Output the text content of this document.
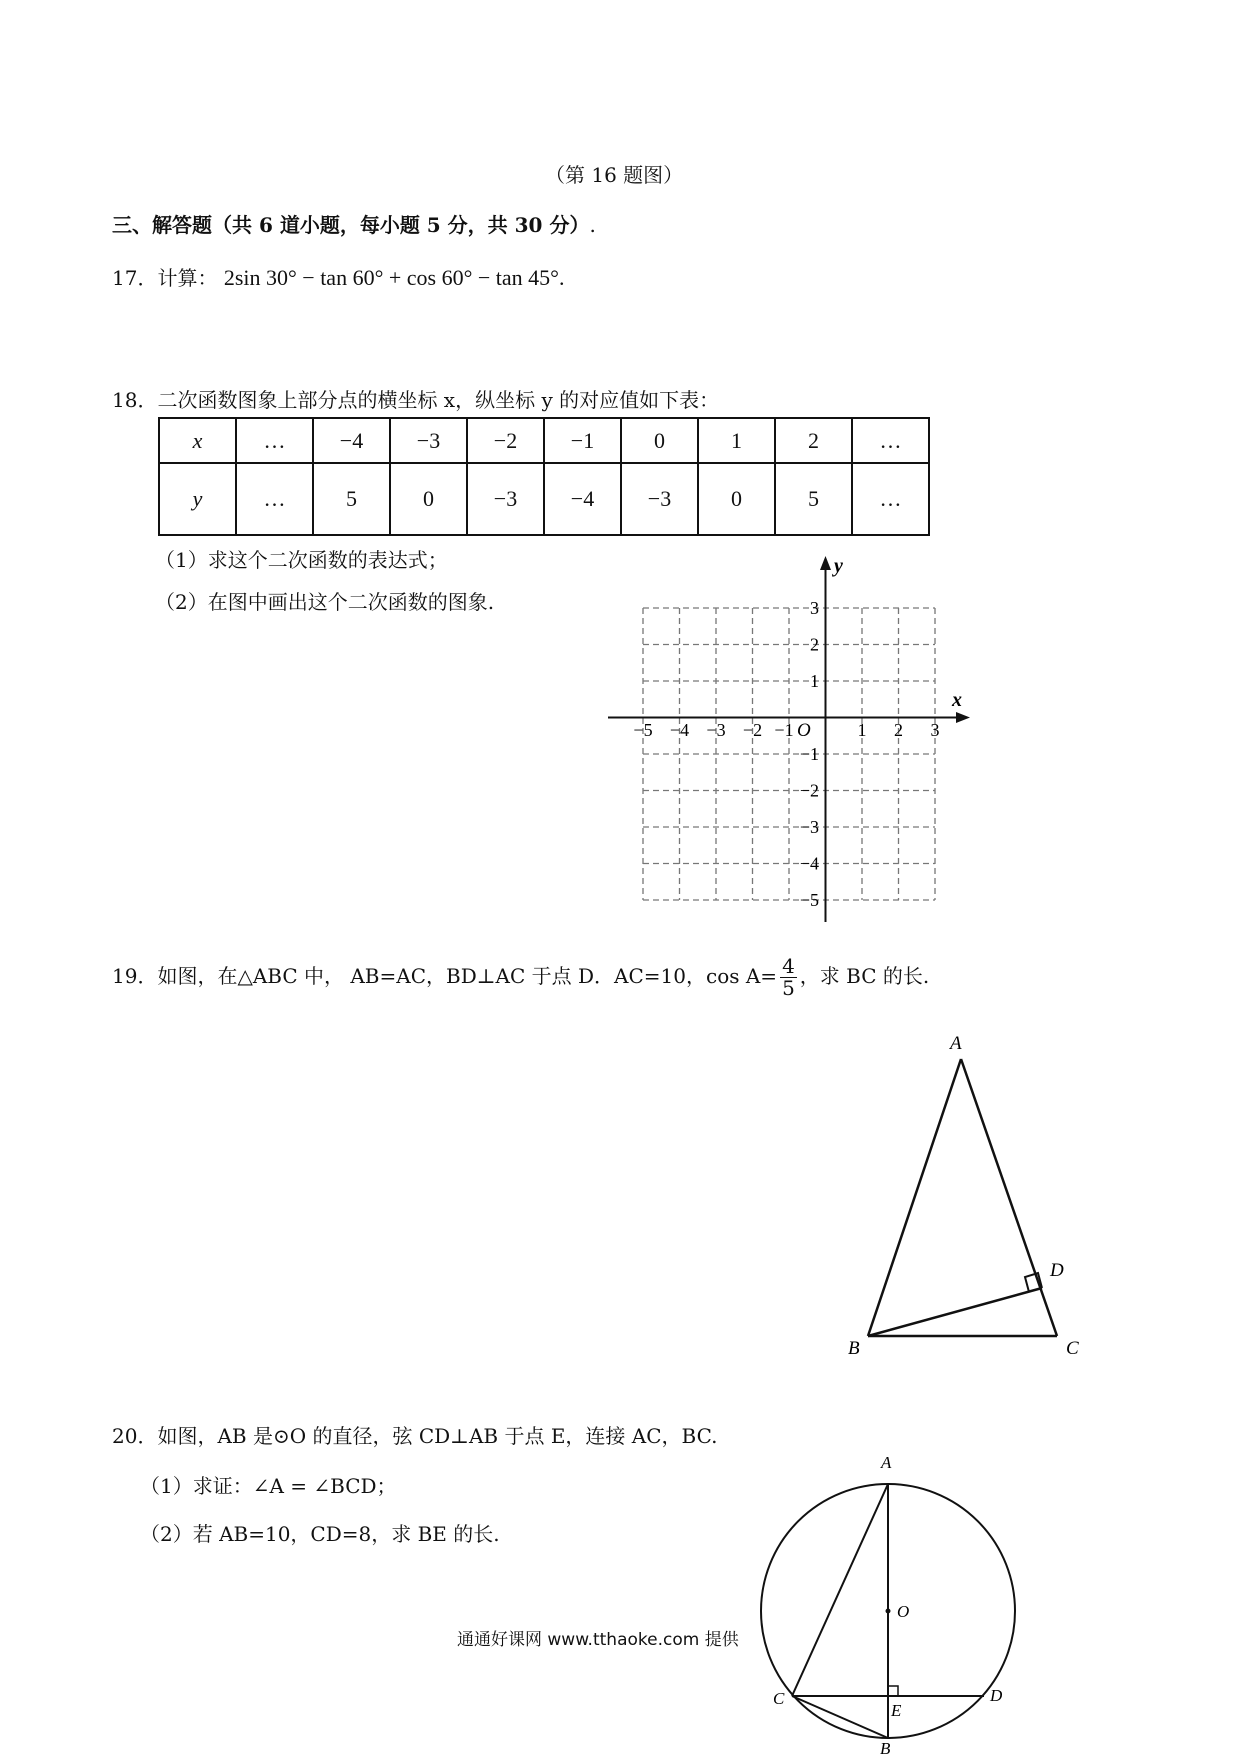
（第 16 题图）
三、解答题（共 6 道小题，每小题 5 分，共 30 分）.
17．计算： 2sin 30° − tan 60° + cos 60° − tan 45°.
18．二次函数图象上部分点的横坐标 x，纵坐标 y 的对应值如下表：
x	…	−4	−3	−2	−1	0	1	2	…
y	…	5	0	−3	−4	−3	0	5	…
（1）求这个二次函数的表达式；
（2）在图中画出这个二次函数的图象.
x
y
O
−5 −4 −3 −2 −1	1 2 3
3
2
1
−1
−2
−3
−4
−5
19．如图，在△ABC 中， AB=AC，BD⊥AC 于点 D．AC=10，$\cos A= \frac{4}{5}$ ，求 BC 的长.
A
B	C
D
20．如图，AB 是⊙O 的直径，弦 CD⊥AB 于点 E，连接 AC，BC.
（1）求证：∠A = ∠BCD；
（2）若 AB=10，CD=8，求 BE 的长.
A
B
C	D
E
O
通通好课网 www.tthaoke.com 提供
